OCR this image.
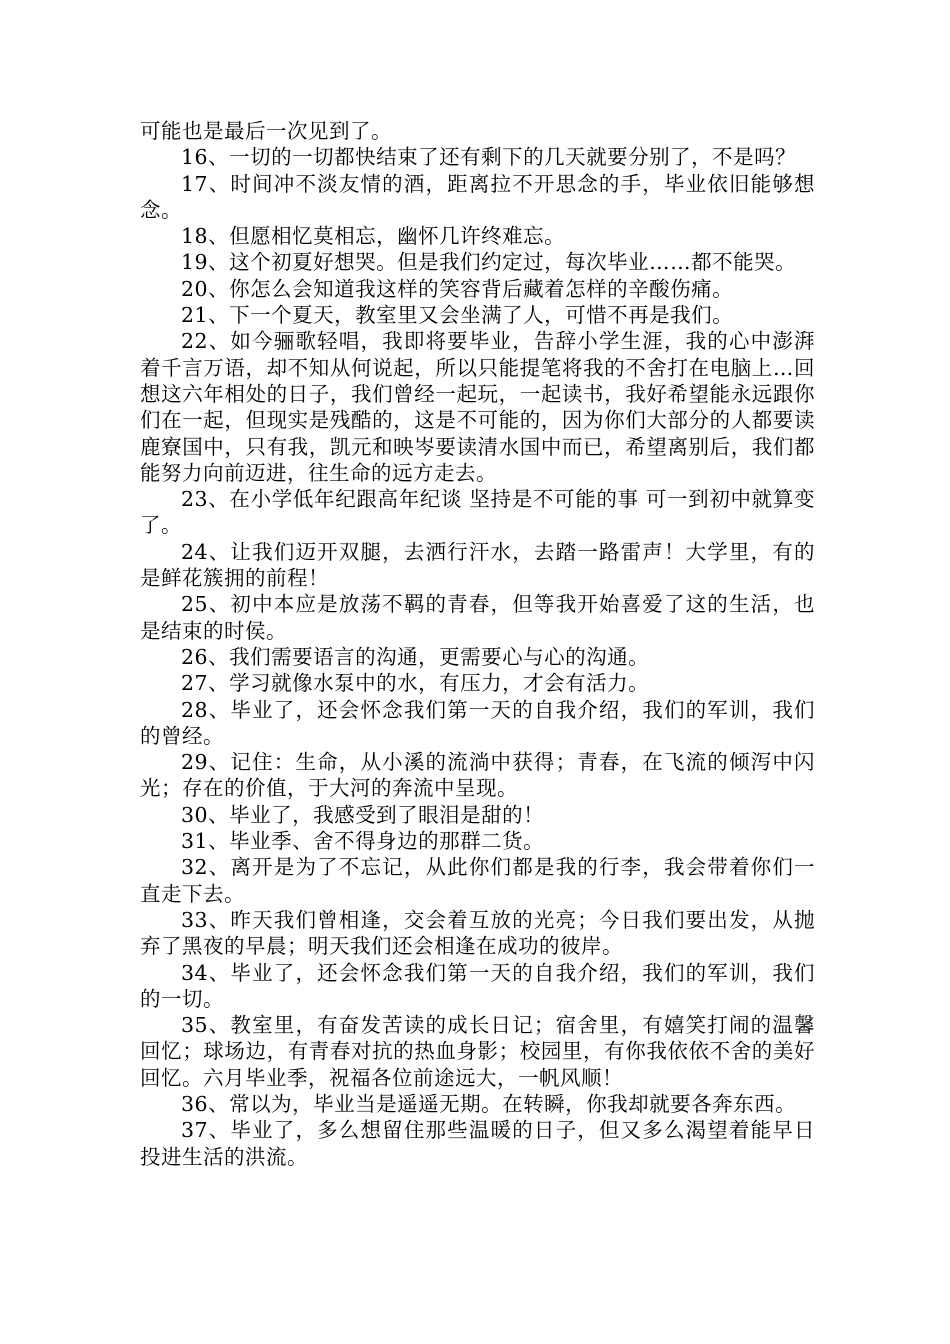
可能也是最后一次见到了。

16、一切的一切都快结束了还有剩下的几天就要分别了，不是吗？

17、时间冲不淡友情的酒，距离拉不开思念的手，毕业依旧能够想念。

18、但愿相忆莫相忘，幽怀几许终难忘。

19、这个初夏好想哭。但是我们约定过，每次毕业……都不能哭。

20、你怎么会知道我这样的笑容背后藏着怎样的辛酸伤痛。

21、下一个夏天，教室里又会坐满了人，可惜不再是我们。

22、如今骊歌轻唱，我即将要毕业，告辞小学生涯，我的心中澎湃着千言万语，却不知从何说起，所以只能提笔将我的不舍打在电脑上…回想这六年相处的日子，我们曾经一起玩，一起读书，我好希望能永远跟你们在一起，但现实是残酷的，这是不可能的，因为你们大部分的人都要读鹿寮国中，只有我，凯元和映岑要读清水国中而已，希望离别后，我们都能努力向前迈进，往生命的远方走去。

23、在小学低年纪跟高年纪谈 坚持是不可能的事 可一到初中就算变了。

24、让我们迈开双腿，去洒行汗水，去踏一路雷声！大学里，有的是鲜花簇拥的前程！

25、初中本应是放荡不羁的青春，但等我开始喜爱了这的生活，也是结束的时侯。

26、我们需要语言的沟通，更需要心与心的沟通。

27、学习就像水泵中的水，有压力，才会有活力。

28、毕业了，还会怀念我们第一天的自我介绍，我们的军训，我们的曾经。

29、记住：生命，从小溪的流淌中获得；青春，在飞流的倾泻中闪光；存在的价值，于大河的奔流中呈现。

30、毕业了，我感受到了眼泪是甜的！

31、毕业季、舍不得身边的那群二货。

32、离开是为了不忘记，从此你们都是我的行李，我会带着你们一直走下去。

33、昨天我们曾相逢，交会着互放的光亮；今日我们要出发，从抛弃了黑夜的早晨；明天我们还会相逢在成功的彼岸。

34、毕业了，还会怀念我们第一天的自我介绍，我们的军训，我们的一切。

35、教室里，有奋发苦读的成长日记；宿舍里，有嬉笑打闹的温馨回忆；球场边，有青春对抗的热血身影；校园里，有你我依依不舍的美好回忆。六月毕业季，祝福各位前途远大，一帆风顺！

36、常以为，毕业当是遥遥无期。在转瞬，你我却就要各奔东西。

37、毕业了，多么想留住那些温暖的日子，但又多么渴望着能早日投进生活的洪流。
